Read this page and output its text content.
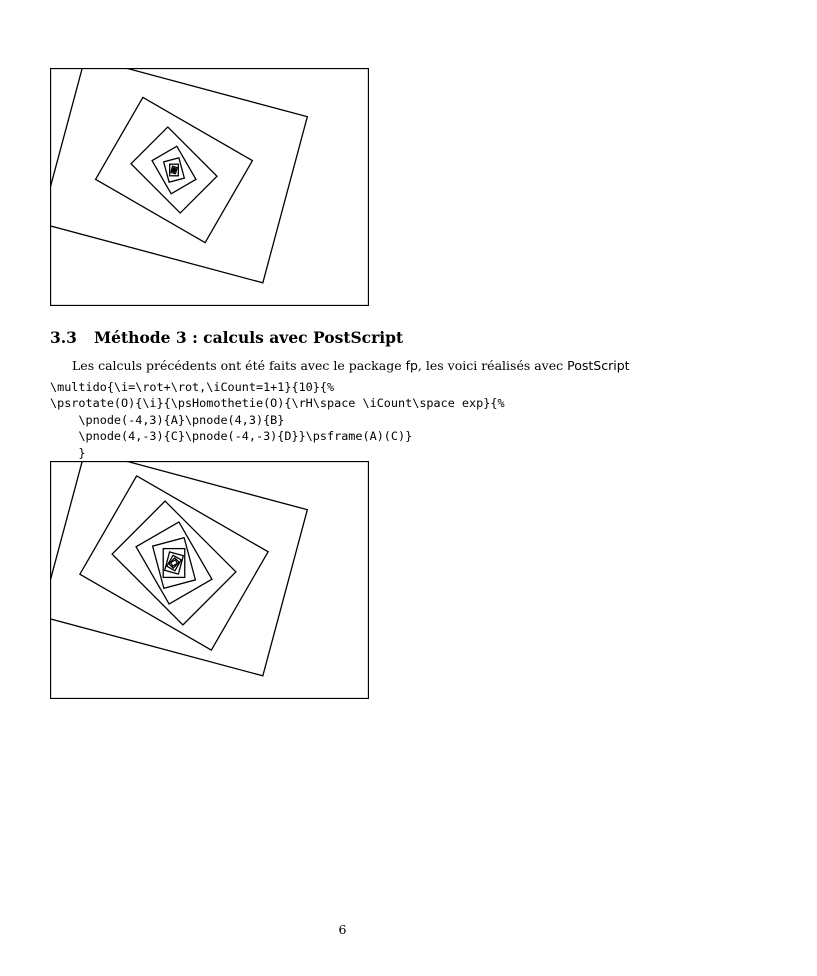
3.3 Méthode 3 : calculs avec PostScript

Les calculs précédents ont été faits avec le package fp, les voici réalisés avec PostScript

\multido{\i=\rot+\rot,\iCount=1+1}{10}{%
\psrotate(O){\i}{\psHomothetie(O){\rH\space \iCount\space exp}{%
\pnode(-4,3){A}\pnode(4,3){B}
\pnode(4,-3){C}\pnode(-4,-3){D}}\psframe(A)(C)}
}
6
